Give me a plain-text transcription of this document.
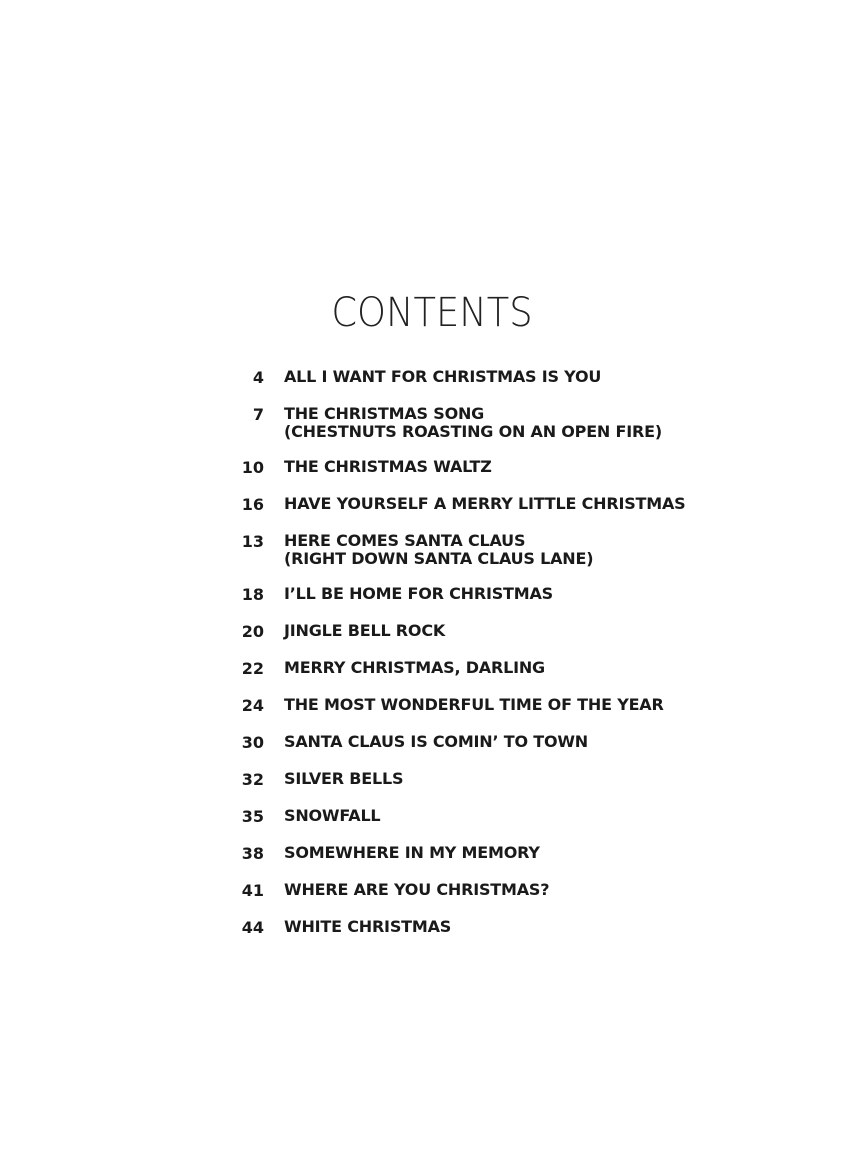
CONTENTS
4 ALL I WANT FOR CHRISTMAS IS YOU
7 THE CHRISTMAS SONG
(CHESTNUTS ROASTING ON AN OPEN FIRE)
10 THE CHRISTMAS WALTZ
16 HAVE YOURSELF A MERRY LITTLE CHRISTMAS
13 HERE COMES SANTA CLAUS
(RIGHT DOWN SANTA CLAUS LANE)
18 I’LL BE HOME FOR CHRISTMAS
20 JINGLE BELL ROCK
22 MERRY CHRISTMAS, DARLING
24 THE MOST WONDERFUL TIME OF THE YEAR
30 SANTA CLAUS IS COMIN’ TO TOWN
32 SILVER BELLS
35 SNOWFALL
38 SOMEWHERE IN MY MEMORY
41 WHERE ARE YOU CHRISTMAS?
44 WHITE CHRISTMAS
